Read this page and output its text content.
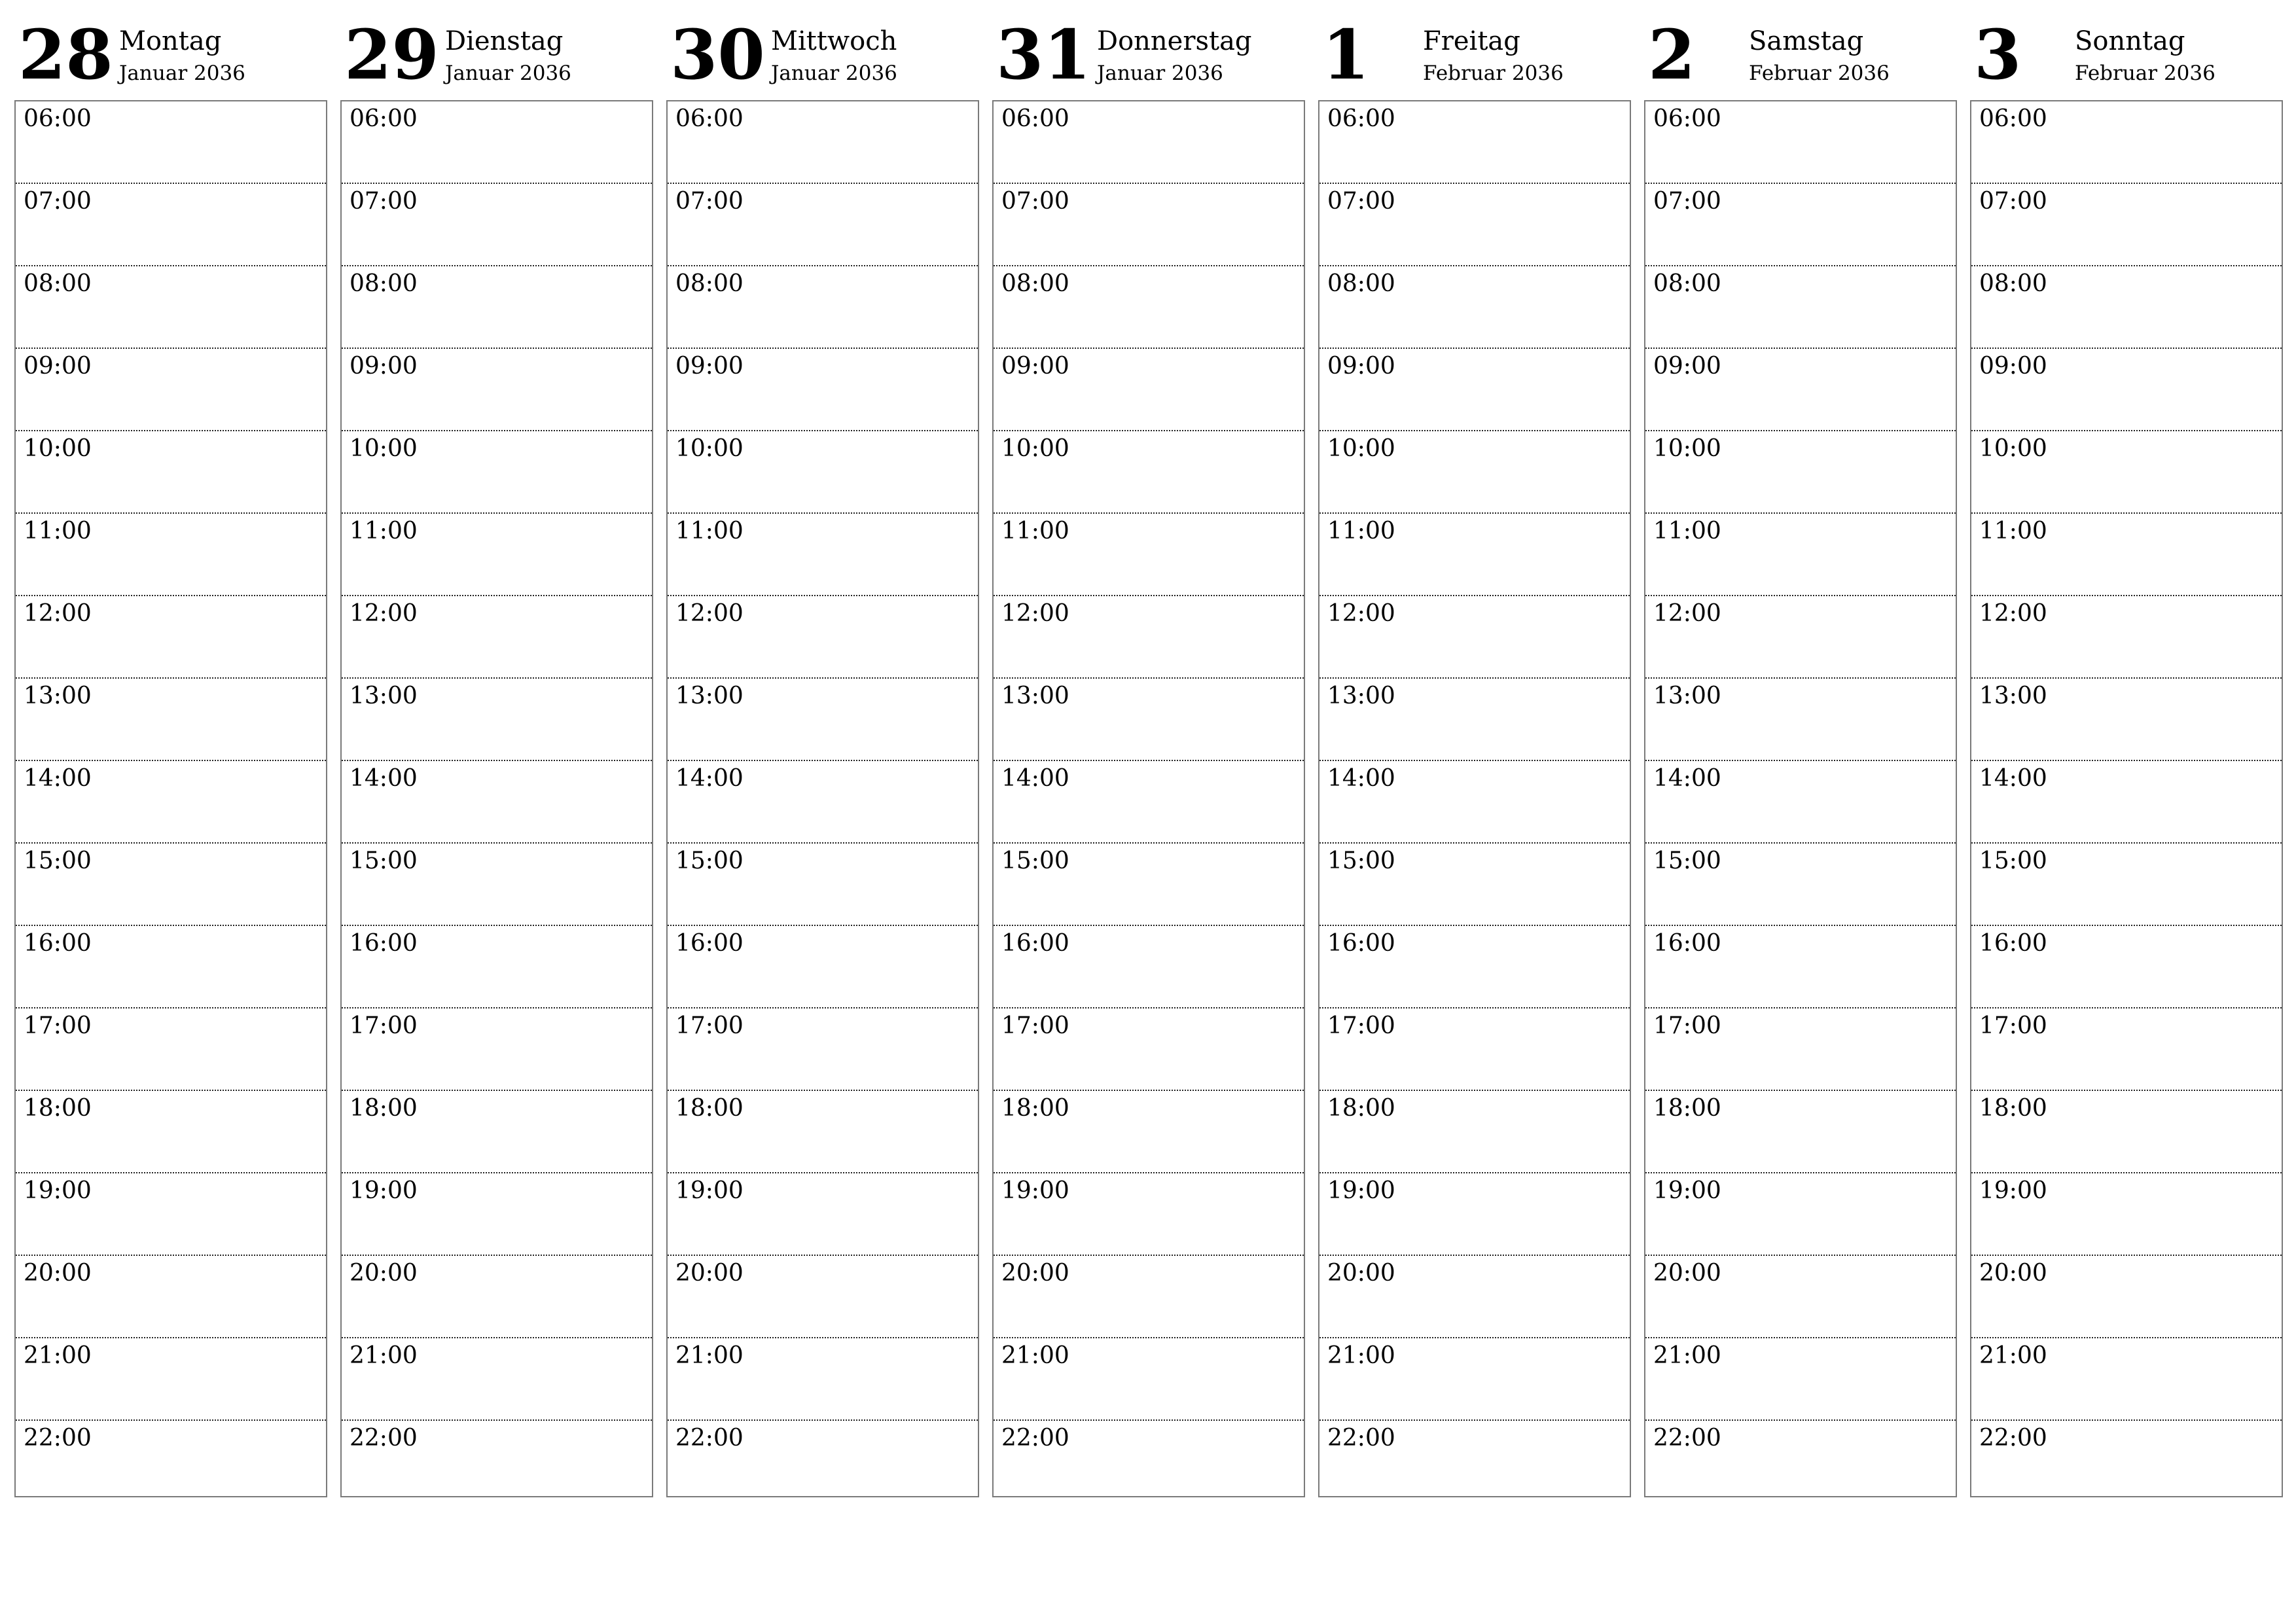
28 Montag
Januar 2036
06:00
07:00
08:00
09:00
10:00
11:00
12:00
13:00
14:00
15:00
16:00
17:00
18:00
19:00
20:00
21:00
22:00
29 Dienstag
Januar 2036
06:00
07:00
08:00
09:00
10:00
11:00
12:00
13:00
14:00
15:00
16:00
17:00
18:00
19:00
20:00
21:00
22:00
30 Mittwoch
Januar 2036
06:00
07:00
08:00
09:00
10:00
11:00
12:00
13:00
14:00
15:00
16:00
17:00
18:00
19:00
20:00
21:00
22:00
31 Donnerstag
Januar 2036
06:00
07:00
08:00
09:00
10:00
11:00
12:00
13:00
14:00
15:00
16:00
17:00
18:00
19:00
20:00
21:00
22:00
1 Freitag
Februar 2036
06:00
07:00
08:00
09:00
10:00
11:00
12:00
13:00
14:00
15:00
16:00
17:00
18:00
19:00
20:00
21:00
22:00
2 Samstag
Februar 2036
06:00
07:00
08:00
09:00
10:00
11:00
12:00
13:00
14:00
15:00
16:00
17:00
18:00
19:00
20:00
21:00
22:00
3 Sonntag
Februar 2036
06:00
07:00
08:00
09:00
10:00
11:00
12:00
13:00
14:00
15:00
16:00
17:00
18:00
19:00
20:00
21:00
22:00
